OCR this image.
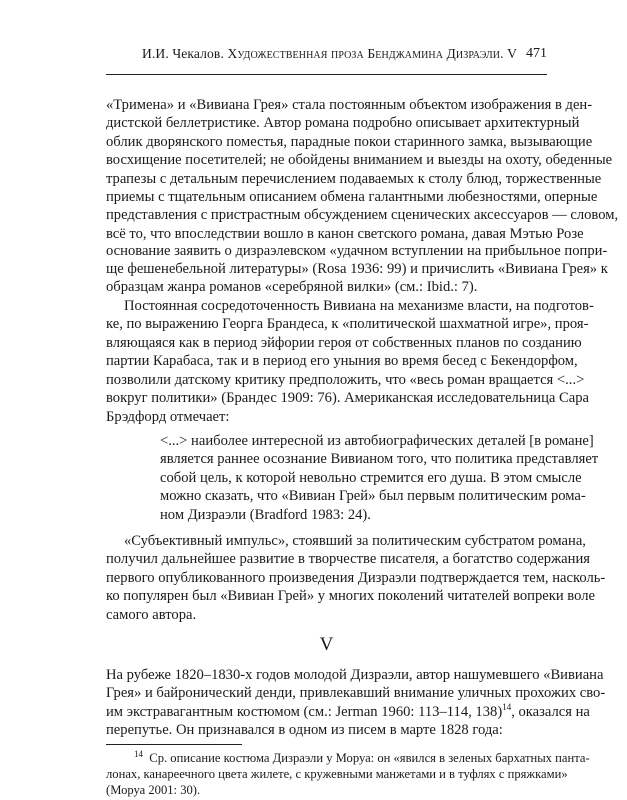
И.И. Чекалов. Художественная проза Бенджамина Дизраэли. V 471
«Тримена» и «Вивиана Грея» стала постоянным объектом изображения в ден-
дистской беллетристике. Автор романа подробно описывает архитектурный
облик дворянского поместья, парадные покои старинного замка, вызывающие
восхищение посетителей; не обойдены вниманием и выезды на охоту, обеденные
трапезы с детальным перечислением подаваемых к столу блюд, торжественные
приемы с тщательным описанием обмена галантными любезностями, оперные
представления с пристрастным обсуждением сценических аксессуаров — словом,
всё то, что впоследствии вошло в канон светского романа, давая Мэтью Розе
основание заявить о дизраэлевском «удачном вступлении на прибыльное попри-
ще фешенебельной литературы» (Rosa 1936: 99) и причислить «Вивиана Грея» к
образцам жанра романов «серебряной вилки» (см.: Ibid.: 7).
Постоянная сосредоточенность Вивиана на механизме власти, на подготов-
ке, по выражению Георга Брандеса, к «политической шахматной игре», проя-
вляющаяся как в период эйфории героя от собственных планов по созданию
партии Карабаса, так и в период его уныния во время бесед с Бекендорфом,
позволили датскому критику предположить, что «весь роман вращается <...>
вокруг политики» (Брандес 1909: 76). Американская исследовательница Сара
Брэдфорд отмечает:
<...> наиболее интересной из автобиографических деталей [в романе]
является раннее осознание Вивианом того, что политика представляет
собой цель, к которой невольно стремится его душа. В этом смысле
можно сказать, что «Вивиан Грей» был первым политическим рома-
ном Дизраэли (Bradford 1983: 24).
«Субъективный импульс», стоявший за политическим субстратом романа,
получил дальнейшее развитие в творчестве писателя, а богатство содержания
первого опубликованного произведения Дизраэли подтверждается тем, насколь-
ко популярен был «Вивиан Грей» у многих поколений читателей вопреки воле
самого автора.
V
На рубеже 1820–1830-х годов молодой Дизраэли, автор нашумевшего «Вивиана
Грея» и байронический денди, привлекавший внимание уличных прохожих сво-
им экстравагантным костюмом (см.: Jerman 1960: 113–114, 138)$^{14}$, оказался на
перепутье. Он признавался в одном из писем в марте 1828 года:
$^{14}$ Ср. описание костюма Дизраэли у Моруа: он «явился в зеленых бархатных панта-
лонах, канареечного цвета жилете, с кружевными манжетами и в туфлях с пряжками»
(Моруа 2001: 30).
